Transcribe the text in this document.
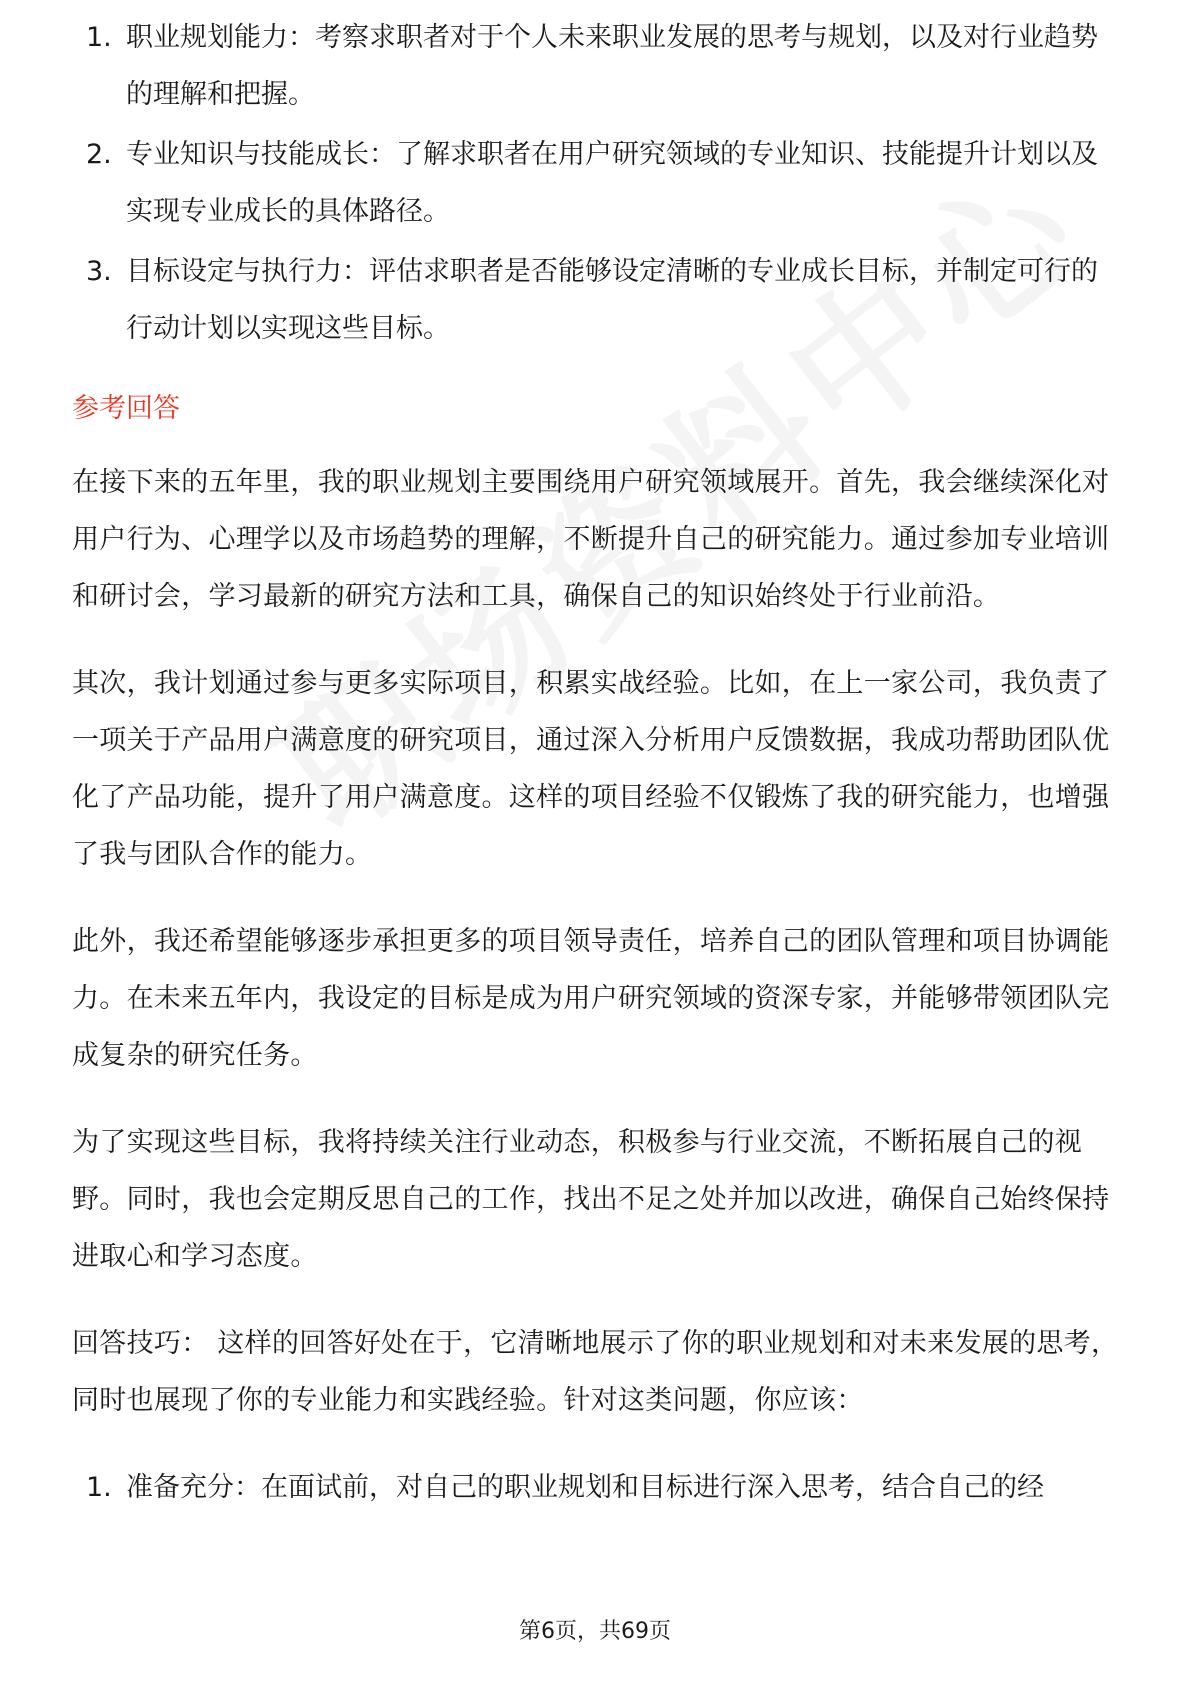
1. 职业规划能力：考察求职者对于个人未来职业发展的思考与规划，以及对行业趋势的理解和把握。
2. 专业知识与技能成长：了解求职者在用户研究领域的专业知识、技能提升计划以及实现专业成长的具体路径。
3. 目标设定与执行力：评估求职者是否能够设定清晰的专业成长目标，并制定可行的行动计划以实现这些目标。
参考回答

在接下来的五年里，我的职业规划主要围绕用户研究领域展开。首先，我会继续深化对用户行为、心理学以及市场趋势的理解，不断提升自己的研究能力。通过参加专业培训和研讨会，学习最新的研究方法和工具，确保自己的知识始终处于行业前沿。

其次，我计划通过参与更多实际项目，积累实战经验。比如，在上一家公司，我负责了一项关于产品用户满意度的研究项目，通过深入分析用户反馈数据，我成功帮助团队优化了产品功能，提升了用户满意度。这样的项目经验不仅锻炼了我的研究能力，也增强了我与团队合作的能力。

此外，我还希望能够逐步承担更多的项目领导责任，培养自己的团队管理和项目协调能力。在未来五年内，我设定的目标是成为用户研究领域的资深专家，并能够带领团队完成复杂的研究任务。

为了实现这些目标，我将持续关注行业动态，积极参与行业交流，不断拓展自己的视野。同时，我也会定期反思自己的工作，找出不足之处并加以改进，确保自己始终保持进取心和学习态度。

回答技巧： 这样的回答好处在于，它清晰地展示了你的职业规划和对未来发展的思考，同时也展现了你的专业能力和实践经验。针对这类问题，你应该：

1. 准备充分：在面试前，对自己的职业规划和目标进行深入思考，结合自己的经
第6页，共69页
